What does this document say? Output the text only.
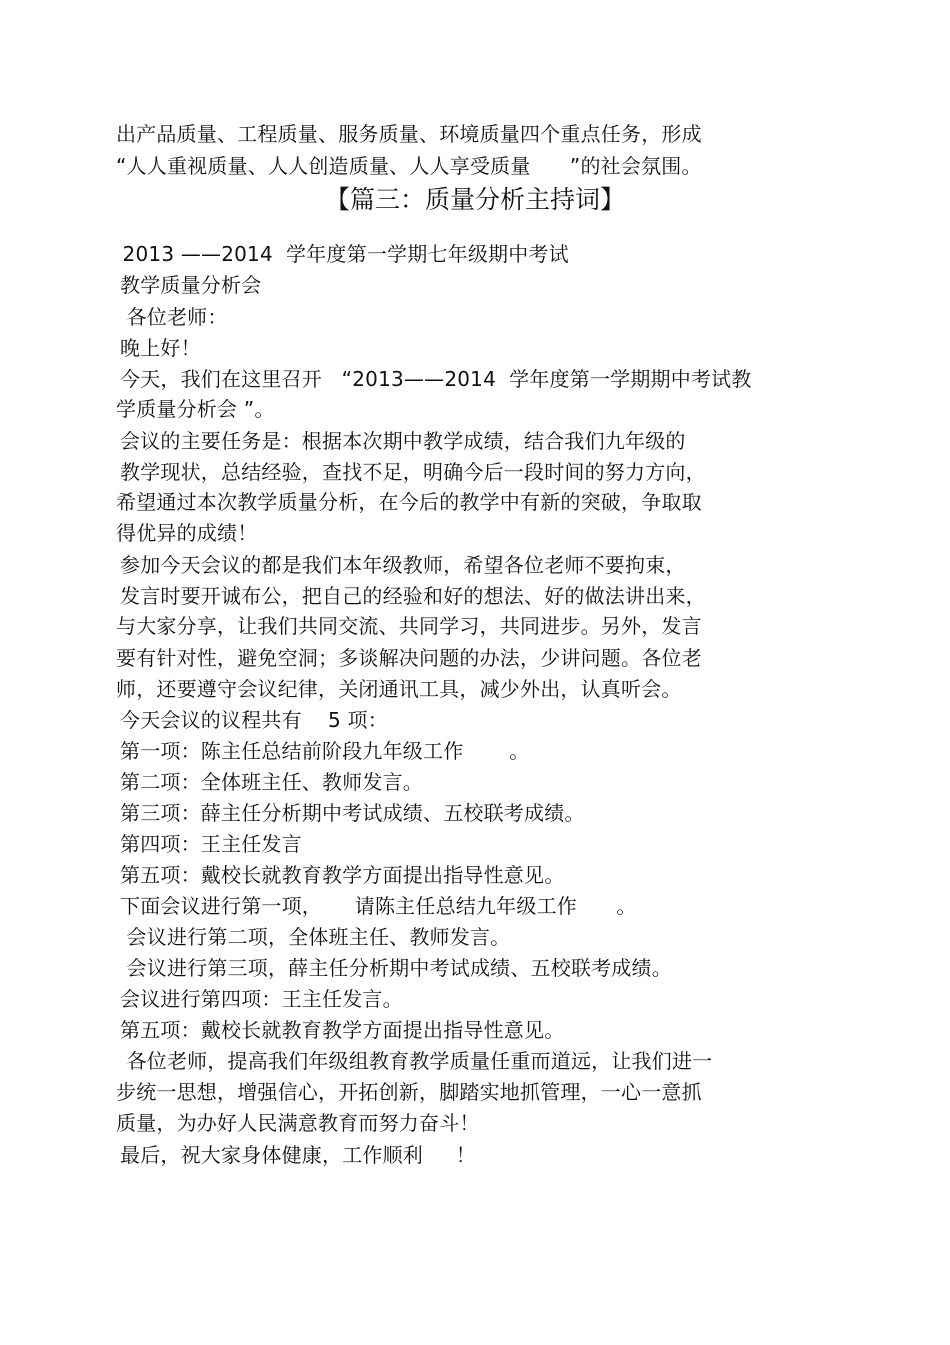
出产品质量、工程质量、服务质量、环境质量四个重点任务，形成
“人人重视质量、人人创造质量、人人享受质量      ”的社会氛围。
【篇三：质量分析主持词】
2013 ——2014  学年度第一学期七年级期中考试
教学质量分析会
各位老师：
晚上好！
今天，我们在这里召开   “2013——2014  学年度第一学期期中考试教
学质量分析会 ”。
会议的主要任务是：根据本次期中教学成绩，结合我们九年级的
教学现状，总结经验，查找不足，明确今后一段时间的努力方向，
希望通过本次教学质量分析，在今后的教学中有新的突破，争取取
得优异的成绩！
参加今天会议的都是我们本年级教师，希望各位老师不要拘束，
发言时要开诚布公，把自己的经验和好的想法、好的做法讲出来，
与大家分享，让我们共同交流、共同学习，共同进步。另外，发言
要有针对性，避免空洞；多谈解决问题的办法，少讲问题。各位老
师，还要遵守会议纪律，关闭通讯工具，减少外出，认真听会。
今天会议的议程共有    5 项：
第一项：陈主任总结前阶段九年级工作       。
第二项：全体班主任、教师发言。
第三项：薛主任分析期中考试成绩、五校联考成绩。
第四项：王主任发言
第五项：戴校长就教育教学方面提出指导性意见。
下面会议进行第一项，     请陈主任总结九年级工作      。
会议进行第二项，全体班主任、教师发言。
会议进行第三项，薛主任分析期中考试成绩、五校联考成绩。
会议进行第四项：王主任发言。
第五项：戴校长就教育教学方面提出指导性意见。
各位老师，提高我们年级组教育教学质量任重而道远，让我们进一
步统一思想，增强信心，开拓创新，脚踏实地抓管理，一心一意抓
质量，为办好人民满意教育而努力奋斗！
最后，祝大家身体健康，工作顺利     ！
